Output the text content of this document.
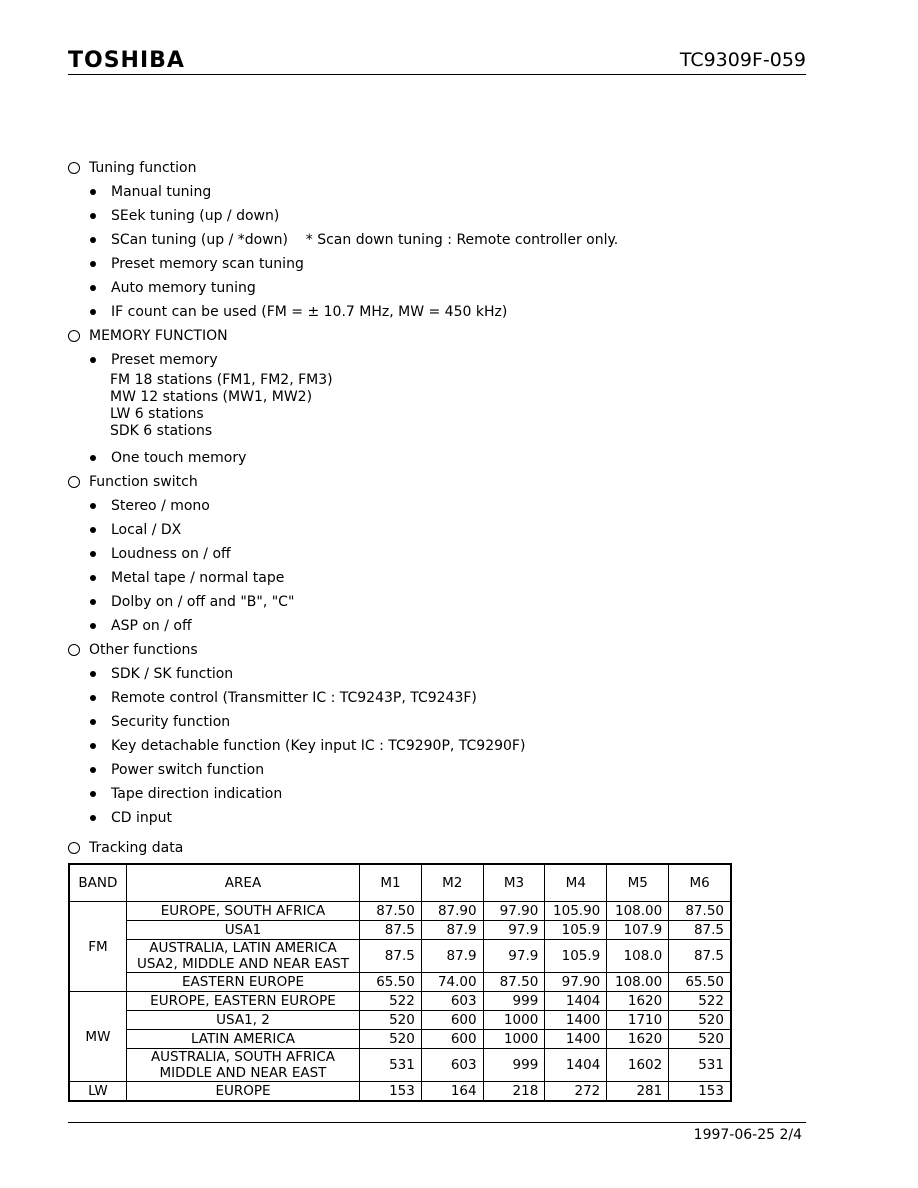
TOSHIBA	TC9309F-059
Tuning function
Manual tuning
SEek tuning (up / down)
SCan tuning (up / *down)    * Scan down tuning : Remote controller only.
Preset memory scan tuning
Auto memory tuning
IF count can be used (FM = ± 10.7 MHz, MW = 450 kHz)
MEMORY FUNCTION
Preset memory
FM 18 stations (FM1, FM2, FM3)
MW 12 stations (MW1, MW2)
LW 6 stations
SDK 6 stations
One touch memory
Function switch
Stereo / mono
Local / DX
Loudness on / off
Metal tape / normal tape
Dolby on / off and "B", "C"
ASP on / off
Other functions
SDK / SK function
Remote control (Transmitter IC : TC9243P, TC9243F)
Security function
Key detachable function (Key input IC : TC9290P, TC9290F)
Power switch function
Tape direction indication
CD input
Tracking data
BAND	AREA	M1	M2	M3	M4	M5	M6
FM	EUROPE, SOUTH AFRICA	87.50	87.90	97.90	105.90	108.00	87.50

	USA1	87.5	87.9	97.9	105.9	107.9	87.5

	AUSTRALIA, LATIN AMERICA
USA2, MIDDLE AND NEAR EAST	87.5	87.9	97.9	105.9	108.0	87.5

	EASTERN EUROPE	65.50	74.00	87.50	97.90	108.00	65.50
MW	EUROPE, EASTERN EUROPE	522	603	999	1404	1620	522

	USA1, 2	520	600	1000	1400	1710	520

	LATIN AMERICA	520	600	1000	1400	1620	520

	AUSTRALIA, SOUTH AFRICA
MIDDLE AND NEAR EAST	531	603	999	1404	1602	531
LW	EUROPE	153	164	218	272	281	153
1997-06-25 2/4
